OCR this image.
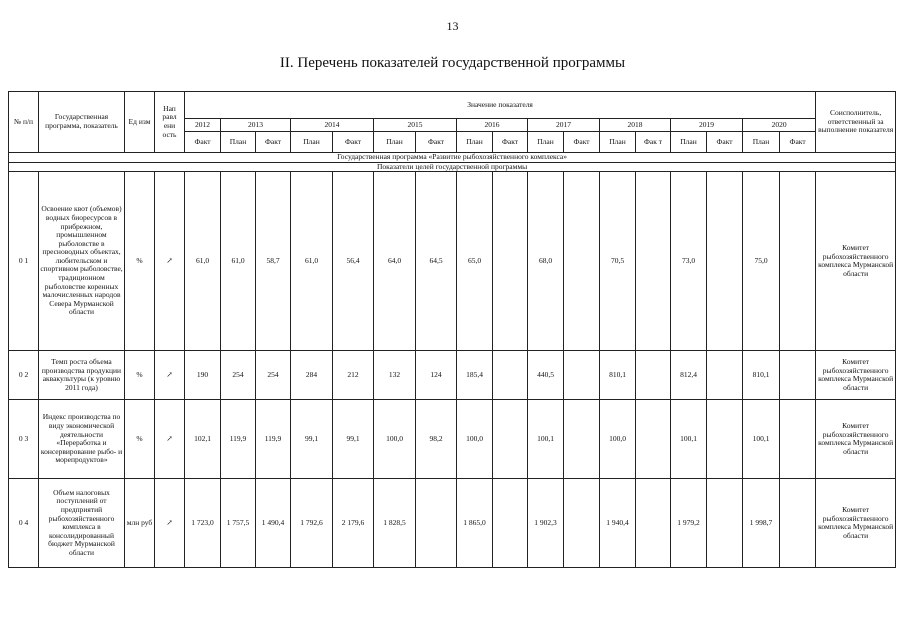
13
II. Перечень показателей государственной программы
№ п/п	Государственная программа, показатель	Ед изм	Нап равл ени ость	Значение показателя																	Соисполнитель, ответственный за выполнение показателя
				2012	2013		2014		2015		2016		2017		2018		2019		2020		
				Факт	План	Факт	План	Факт	План	Факт	План	Факт	План	Факт	План	Фак т	План	Факт	План	Факт	
Государственная программа «Развитие рыбохозяйственного комплекса»																					
Показатели целей государственной программы																					
0 1	Освоение квот (объемов) водных биоресурсов в прибрежном, промышленном рыболовстве в пресноводных объектах, любительском и спортивном рыболовстве, традиционном рыболовстве коренных малочисленных народов Севера Мурманской области	%	↗	61,0	61,0	58,7	61,0	56,4	64,0	64,5	65,0		68,0		70,5		73,0		75,0		Комитет рыбохозяйственного комплекса Мурманской области
0 2	Темп роста объема производства продукции аквакультуры (к уровню 2011 года)	%	↗	190	254	254	284	212	132	124	185,4		440,5		810,1		812,4		810,1		Комитет рыбохозяйственного комплекса Мурманской области
0 3	Индекс производства по виду экономической деятельности «Переработка и консервирование рыбо- и морепродуктов»	%	↗	102,1	119,9	119,9	99,1	99,1	100,0	98,2	100,0		100,1		100,0		100,1		100,1		Комитет рыбохозяйственного комплекса Мурманской области
0 4	Объем налоговых поступлений от предприятий рыбохозяйственного комплекса в консолидированный бюджет Мурманской области	млн руб	↗	1 723,0	1 757,5	1 490,4	1 792,6	2 179,6	1 828,5		1 865,0		1 902,3		1 940,4		1 979,2		1 998,7		Комитет рыбохозяйственного комплекса Мурманской области
